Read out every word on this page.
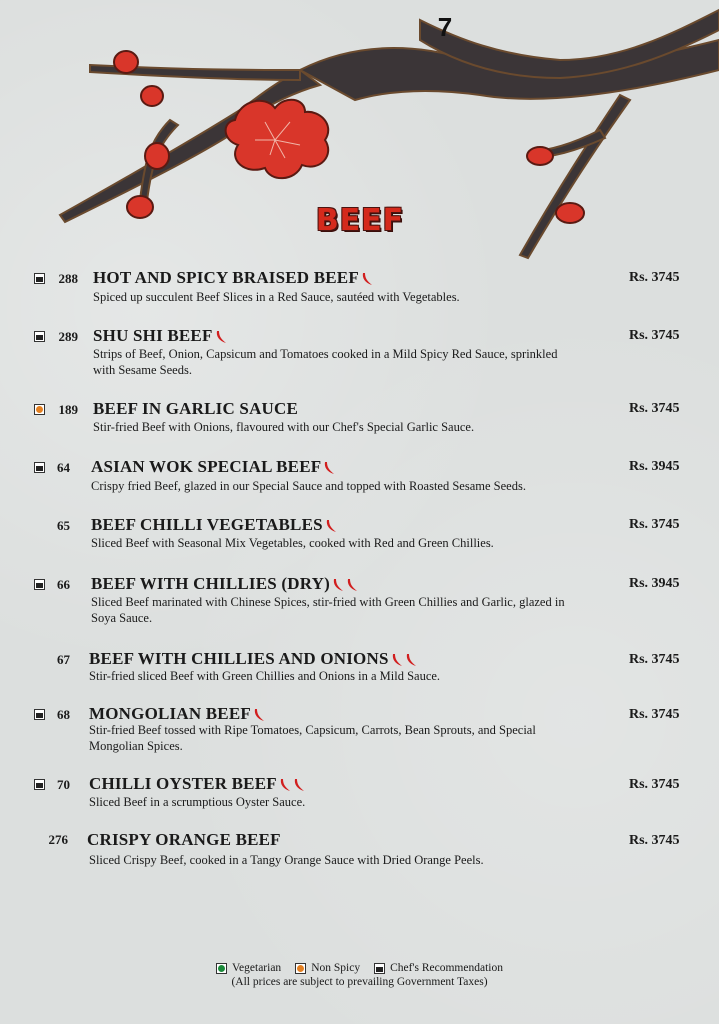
7
BEEF
288 HOT AND SPICY BRAISED BEEF	Rs. 3745
Spiced up succulent Beef Slices in a Red Sauce, sautéed with Vegetables.
289 SHU SHI BEEF	Rs. 3745
Strips of Beef, Onion, Capsicum and Tomatoes cooked in a Mild Spicy Red Sauce, sprinkled with Sesame Seeds.
189 BEEF IN GARLIC SAUCE	Rs. 3745
Stir-fried Beef with Onions, flavoured with our Chef's Special Garlic Sauce.
64 ASIAN WOK SPECIAL BEEF	Rs. 3945
Crispy fried Beef, glazed in our Special Sauce and topped with Roasted Sesame Seeds.
65 BEEF CHILLI VEGETABLES	Rs. 3745
Sliced Beef with Seasonal Mix Vegetables, cooked with Red and Green Chillies.
66 BEEF WITH CHILLIES (DRY)	Rs. 3945
Sliced Beef marinated with Chinese Spices, stir-fried with Green Chillies and Garlic, glazed in Soya Sauce.
67 BEEF WITH CHILLIES AND ONIONS	Rs. 3745
Stir-fried sliced Beef with Green Chillies and Onions in a Mild Sauce.
68 MONGOLIAN BEEF	Rs. 3745
Stir-fried Beef tossed with Ripe Tomatoes, Capsicum, Carrots, Bean Sprouts, and Special Mongolian Spices.
70 CHILLI OYSTER BEEF	Rs. 3745
Sliced Beef in a scrumptious Oyster Sauce.
276 CRISPY ORANGE BEEF	Rs. 3745
Sliced Crispy Beef, cooked in a Tangy Orange Sauce with Dried Orange Peels.
Vegetarian	Non Spicy	Chef's Recommendation
(All prices are subject to prevailing Government Taxes)
